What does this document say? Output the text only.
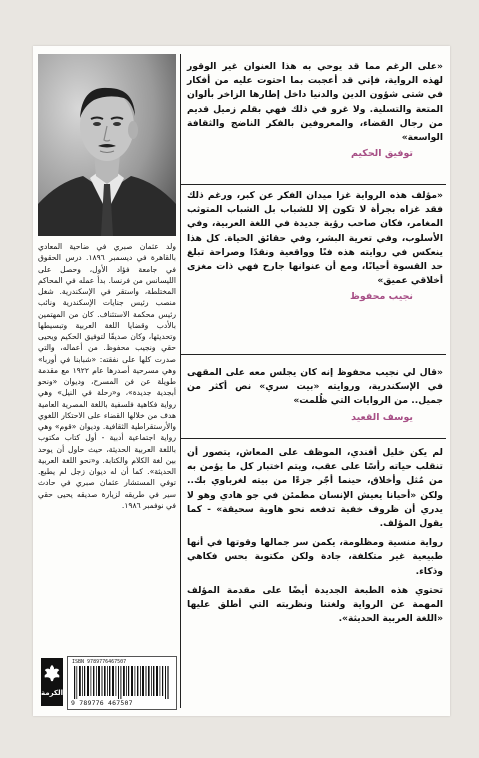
«على الرغم مما قد يوحي به هذا العنوان غير الوقور لهذه الرواية، فإني قد أعجبت بما احتوت عليه من أفكار في شتى شؤون الدين والدنيا داخل إطارها الزاخر بألوان المتعة والتسلية. ولا غرو في ذلك فهي بقلم زميل قديم من رجال القضاء، والمعروفين بالفكر الناضج والثقافة الواسعة»
توفيق الحكيم
«مؤلف هذه الرواية غزا ميدان الفكر عن كبر، ورغم ذلك فقد غزاه بجرأة لا تكون إلا للشباب بل الشباب المتوثب المغامر، فكان صاحب رؤية جديدة في اللغة العربية، وفي الأسلوب، وفي تعرية البشر، وفي حقائق الحياة. كل هذا ينعكس في روايته هذه فنًا وواقعية ونقدًا وصراحة تبلغ حد القسوة أحيانًا، ومع أن عنوانها جارح فهي ذات مغزى أخلاقي عميق»
نجيب محفوظ
«قال لي نجيب محفوظ إنه كان يجلس معه على المقهى في الإسكندرية، وروايته «بيت سري» نص أكثر من جميل.. من الروايات التي ظُلمت»
يوسف القعيد
لم يكن خليل أفندي، الموظف على المعاش، يتصور أن تنقلب حياته رأسًا على عقب، ويتم اختبار كل ما يؤمن به من مُثل وأخلاق، حينما أجّر جزءًا من بيته لغرباوي بك.. ولكن «أحيانا يعيش الإنسان مطمئن في جو هادي وهو لا يدري أن ظروف خفية تدفعه نحو هاوية سحيقة» - كما يقول المؤلف.
رواية منسية ومظلومة، يكمن سر جمالها وقوتها في أنها طبيعية غير متكلفة، جادة ولكن مكتوبة بحس فكاهي وذكاء.
تحتوي هذه الطبعة الجديدة أيضًا على مقدمة المؤلف المهمة عن الرواية ولغتنا ونظريته التي أطلق عليها «اللغة العربية الحديثة».
ولد عثمان صبري في ضاحية المعادي بالقاهرة في ديسمبر ١٨٩٦. درس الحقوق في جامعة فؤاد الأول، وحصل على الليسانس من فرنسا. بدأ عمله في المحاكم المختلطة، واستقر في الإسكندرية. شغل منصب رئيس جنايات الإسكندرية ونائب رئيس محكمة الاستئناف. كان من المهتمين بالأدب وقضايا اللغة العربية وتبسيطها وتحديثها، وكان صديقًا لتوفيق الحكيم ويحيى حقي ونجيب محفوظ. من أعماله، والتي صدرت كلها على نفقته: «شبابنا في أوربا» وهي مسرحية أصدرها عام ١٩٢٢ مع مقدمة طويلة عن فن المسرح، وديوان «ونحو أبجدية جديدة»، و«رحلة في النيل» وهي رواية فكاهية فلسفية باللغة المصرية العامية هدف من خلالها القضاء على الاحتكار اللغوي والأرستقراطية الثقافية. وديوان «قوم» وهي رواية اجتماعية أدبية - أول كتاب مكتوب باللغة العربية الحديثة، حيث حاول أن يوحد بين لغة الكلام والكتابة. و«نحو اللغة العربية الحديثة». كما أن له ديوان زجل لم يطبع. توفي المستشار عثمان صبري في حادث سير في طريقه لزيارة صديقه يحيى حقي في نوفمبر ١٩٨٦.
الكرمة
ISBN 9789776467507
9 789776 467507
